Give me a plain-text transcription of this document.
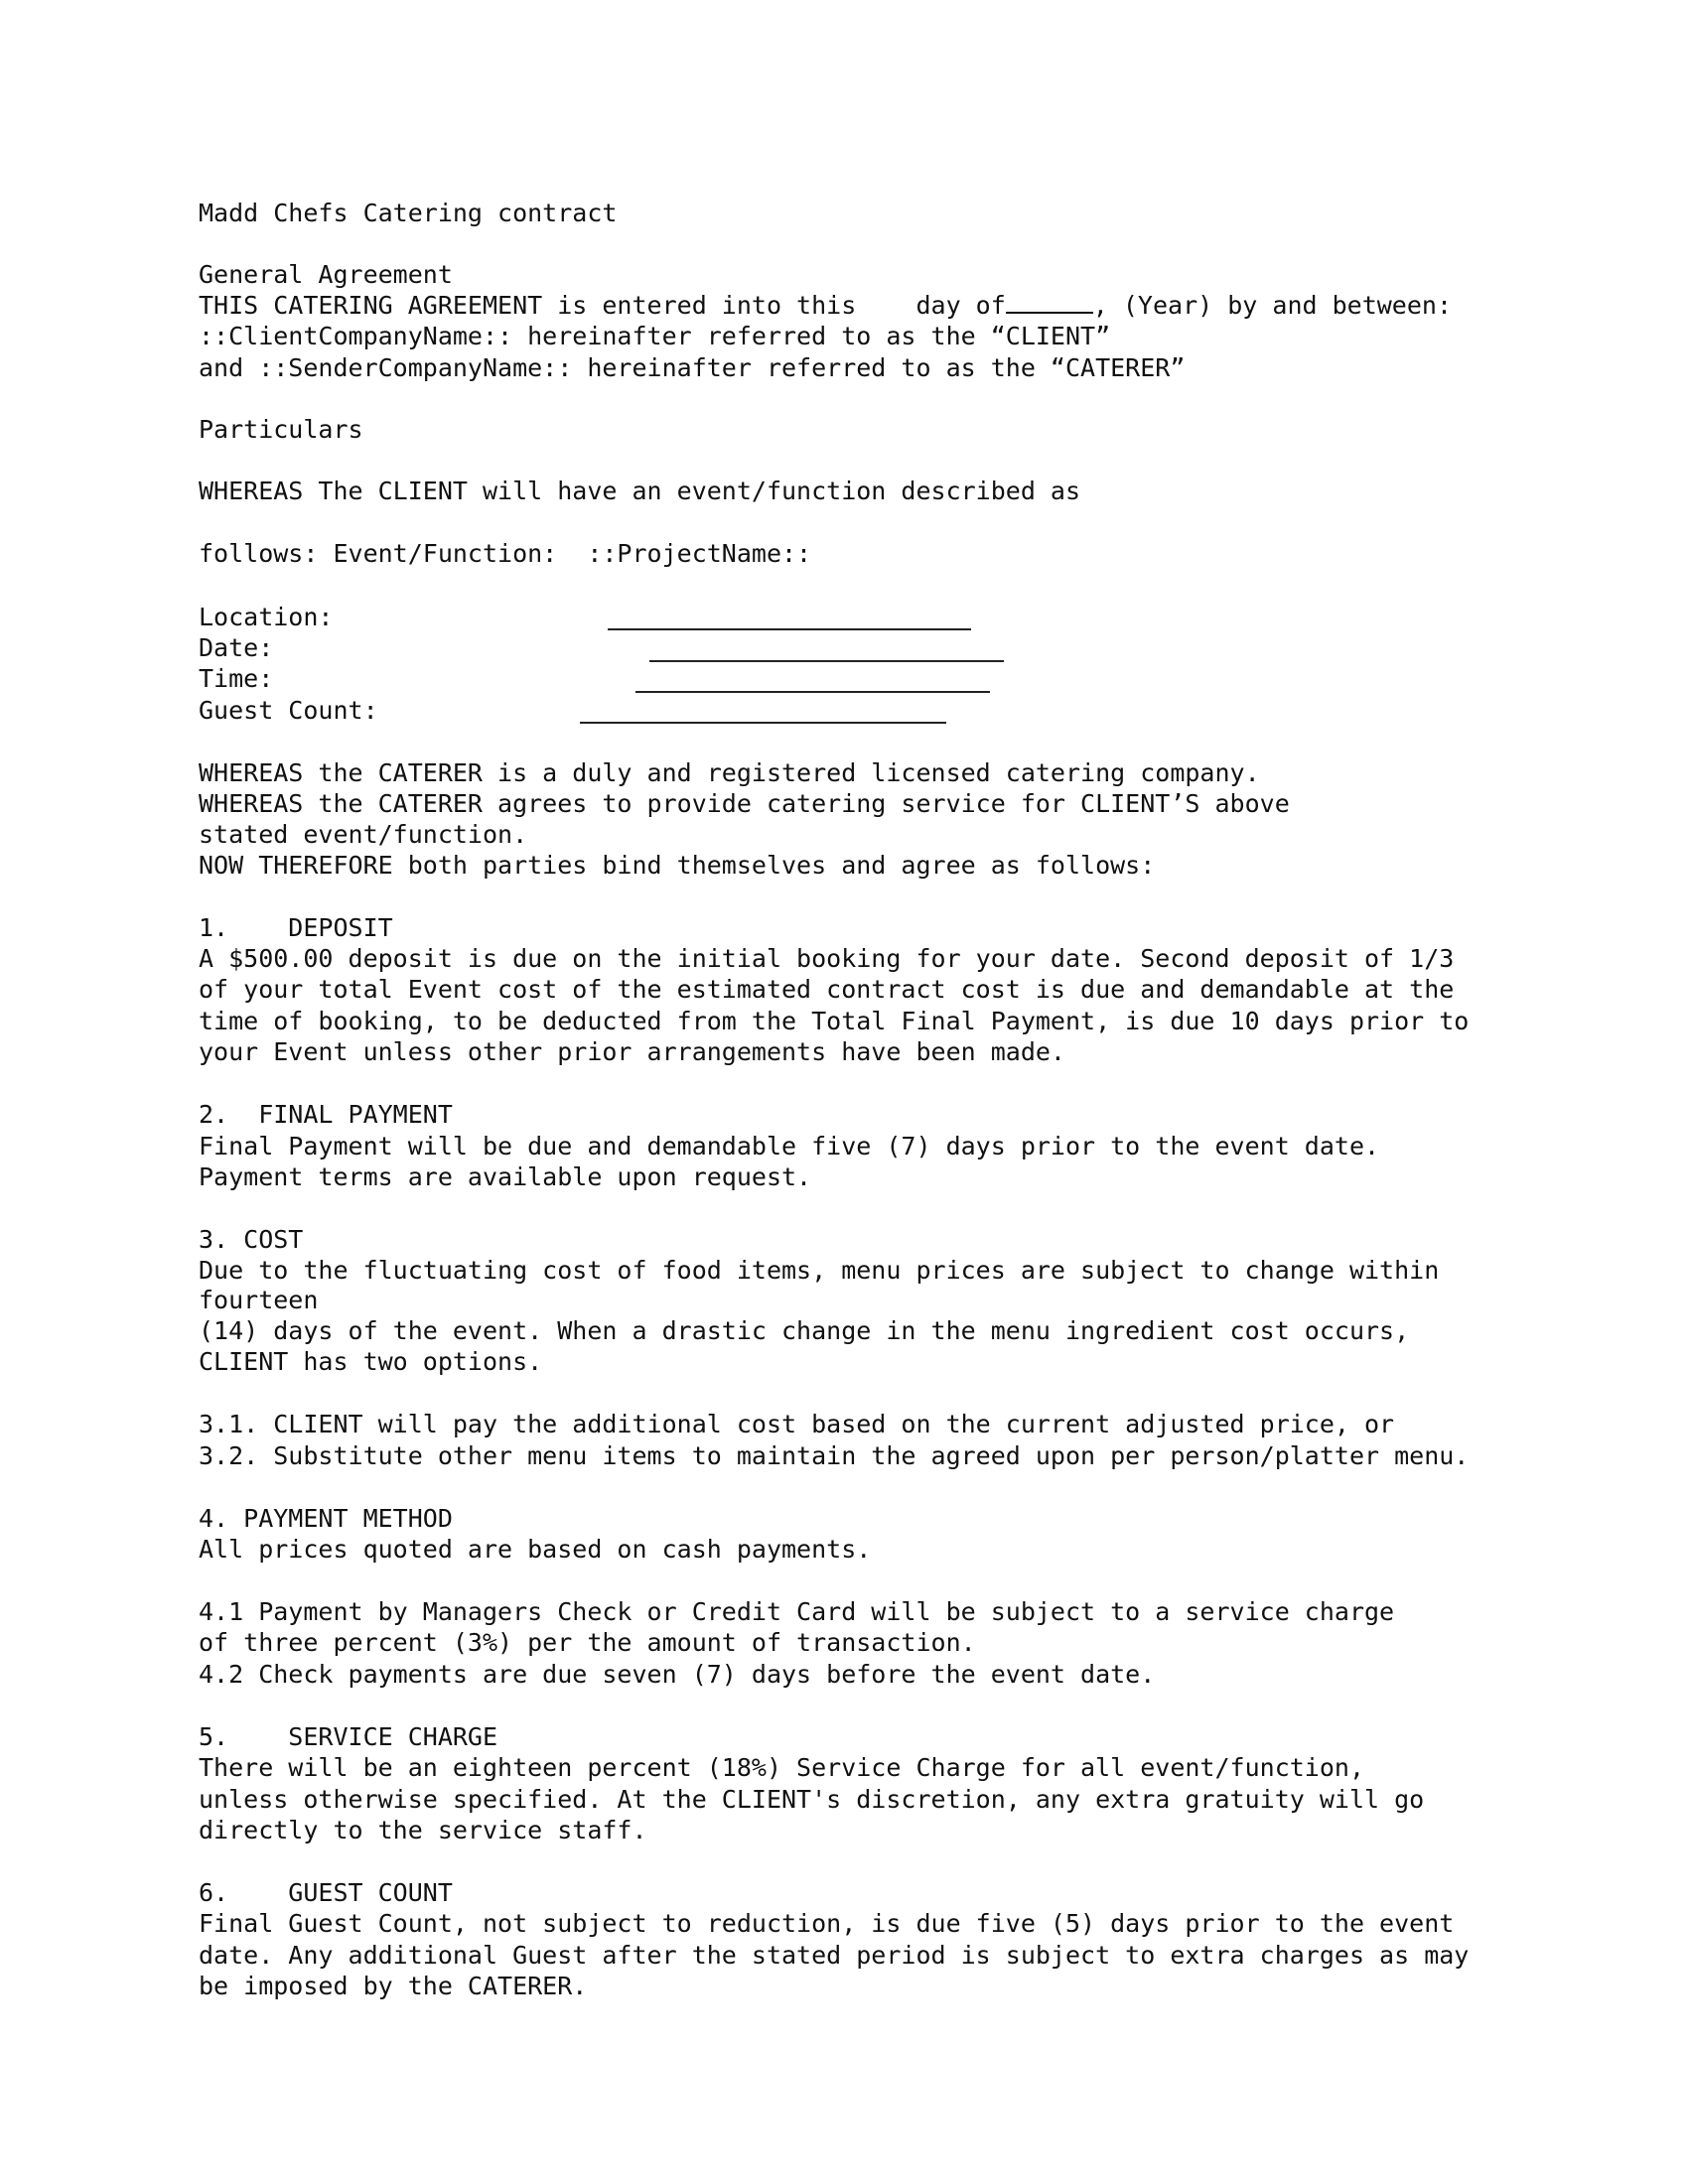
Madd Chefs Catering contract
General Agreement
THIS CATERING AGREEMENT is entered into this    day of	, (Year) by and between:
::ClientCompanyName:: hereinafter referred to as the “CLIENT”
and ::SenderCompanyName:: hereinafter referred to as the “CATERER”
Particulars
WHEREAS The CLIENT will have an event/function described as
follows: Event/Function:  ::ProjectName::
Location:
Date:
Time:
Guest Count:
WHEREAS the CATERER is a duly and registered licensed catering company.
WHEREAS the CATERER agrees to provide catering service for CLIENT’S above
stated event/function.
NOW THEREFORE both parties bind themselves and agree as follows:
1.    DEPOSIT
A $500.00 deposit is due on the initial booking for your date. Second deposit of 1/3
of your total Event cost of the estimated contract cost is due and demandable at the
time of booking, to be deducted from the Total Final Payment, is due 10 days prior to
your Event unless other prior arrangements have been made.
2.  FINAL PAYMENT
Final Payment will be due and demandable five (7) days prior to the event date.
Payment terms are available upon request.
3. COST
Due to the fluctuating cost of food items, menu prices are subject to change within
fourteen
(14) days of the event. When a drastic change in the menu ingredient cost occurs,
CLIENT has two options.
3.1. CLIENT will pay the additional cost based on the current adjusted price, or
3.2. Substitute other menu items to maintain the agreed upon per person/platter menu.
4. PAYMENT METHOD
All prices quoted are based on cash payments.
4.1 Payment by Managers Check or Credit Card will be subject to a service charge
of three percent (3%) per the amount of transaction.
4.2 Check payments are due seven (7) days before the event date.
5.    SERVICE CHARGE
There will be an eighteen percent (18%) Service Charge for all event/function,
unless otherwise specified. At the CLIENT's discretion, any extra gratuity will go
directly to the service staff.
6.    GUEST COUNT
Final Guest Count, not subject to reduction, is due five (5) days prior to the event
date. Any additional Guest after the stated period is subject to extra charges as may
be imposed by the CATERER.
